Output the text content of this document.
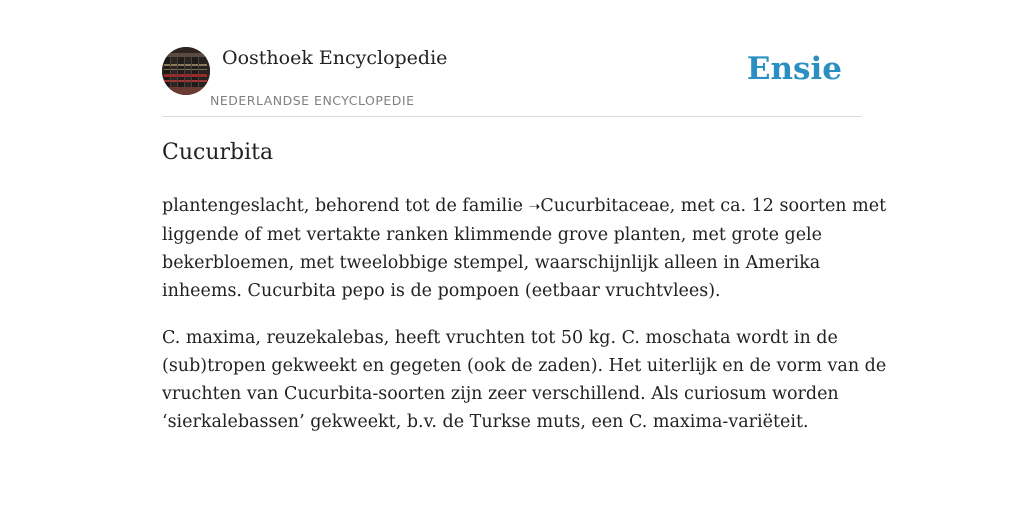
Oosthoek Encyclopedie
NEDERLANDSE ENCYCLOPEDIE
Ensie
Cucurbita

plantengeslacht, behorend tot de familie ➝Cucurbitaceae, met ca. 12 soorten met
liggende of met vertakte ranken klimmende grove planten, met grote gele
bekerbloemen, met tweelobbige stempel, waarschijnlijk alleen in Amerika
inheems. Cucurbita pepo is de pompoen (eetbaar vruchtvlees).

C. maxima, reuzekalebas, heeft vruchten tot 50 kg. C. moschata wordt in de
(sub)tropen gekweekt en gegeten (ook de zaden). Het uiterlijk en de vorm van de
vruchten van Cucurbita-soorten zijn zeer verschillend. Als curiosum worden
‘sierkalebassen’ gekweekt, b.v. de Turkse muts, een C. maxima-variëteit.
